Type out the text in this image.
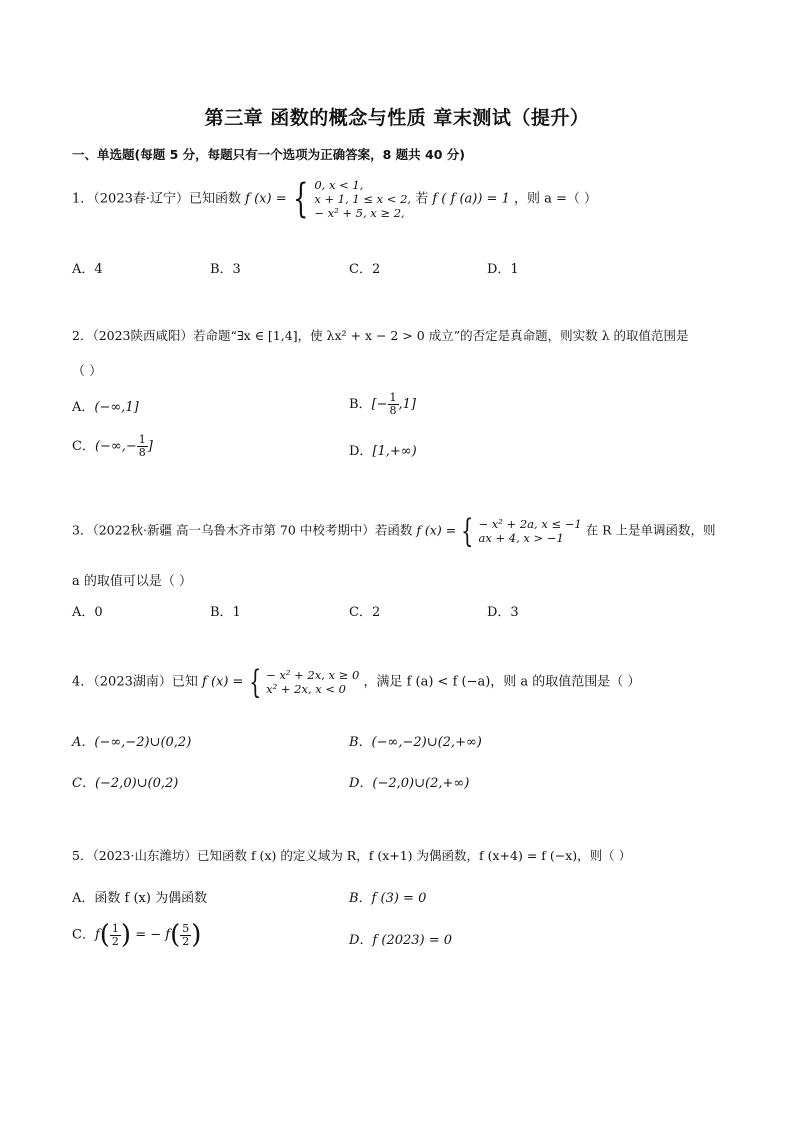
第三章 函数的概念与性质 章末测试（提升）
一、单选题(每题 5 分，每题只有一个选项为正确答案，8 题共 40 分)
1．（2023春·辽宁）已知函数 f (x) = { 0, x < 1,
x + 1, 1 ≤ x < 2,
− x² + 5, x ≥ 2,
若 f ( f (a)) = 1 ，则 a =（ ）
A．4	B．3	C．2	D．1
2．（2023陕西咸阳）若命题“∃x ∈ [1,4]，使 λx² + x − 2 > 0 成立”的否定是真命题，则实数 λ 的取值范围是
（ ）
A．(−∞,1]	B．[− $\frac{1}{8} ,1$]
C．(−∞,− $\frac{1}{8}$ ]	D．[1,+∞)
3．（2022秋·新疆 高一乌鲁木齐市第 70 中校考期中）若函数 f (x) = { − x² + 2a, x ≤ −1
ax + 4, x > −1
在 R 上是单调函数，则
a 的取值可以是（ ）
A．0	B．1	C．2	D．3
4．（2023湖南）已知 f (x) = { − x² + 2x, x ≥ 0
x² + 2x, x < 0	，满足 f (a) < f (−a)，则 a 的取值范围是（ ）
A．(−∞,−2)∪(0,2)	B．(−∞,−2)∪(2,+∞)
C．(−2,0)∪(0,2)	D．(−2,0)∪(2,+∞)
5．（2023·山东潍坊）已知函数 f (x) 的定义域为 R，f (x+1) 为偶函数，f (x+4) = f (−x)，则（ ）
A．函数 f (x) 为偶函数	B．f (3) = 0
C．$f( \frac{1}{2}$ ) = − $f( \frac{5}{2}$ )	D．f (2023) = 0
